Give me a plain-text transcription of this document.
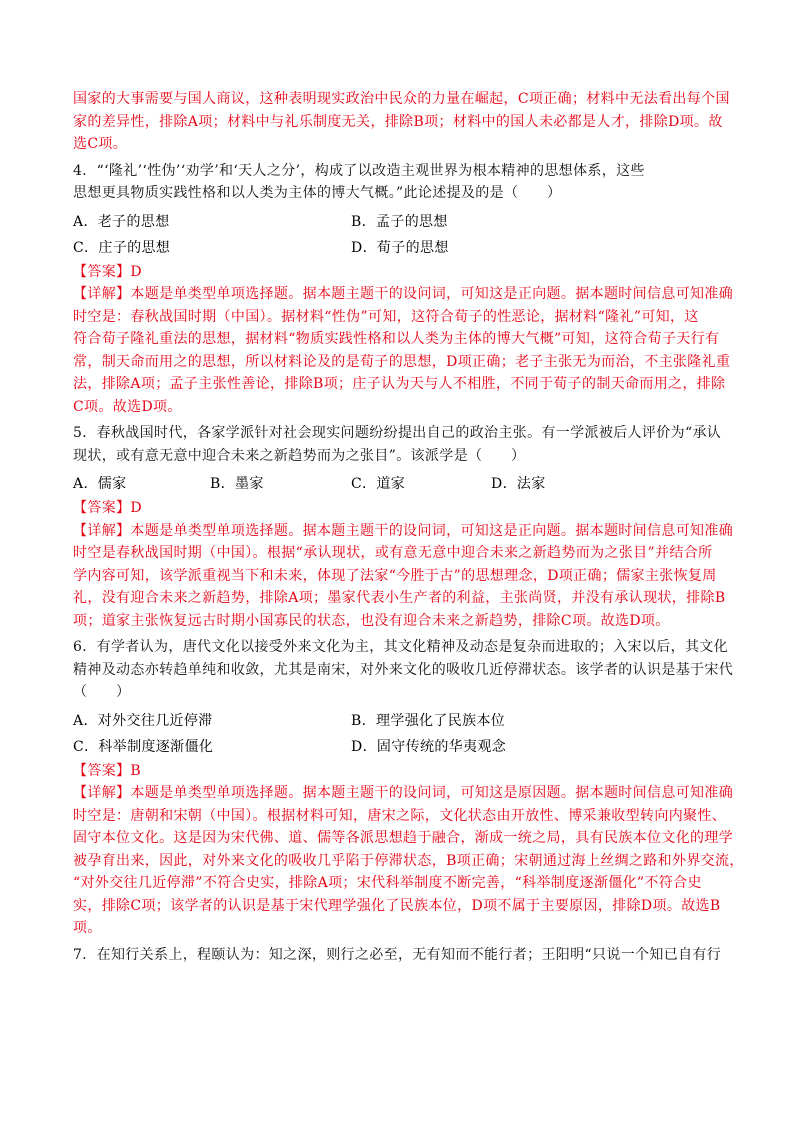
国家的大事需要与国人商议，这种表明现实政治中民众的力量在崛起，C项正确；材料中无法看出每个国
家的差异性，排除A项；材料中与礼乐制度无关，排除B项；材料中的国人未必都是人才，排除D项。故
选C项。
4．“‘隆礼’‘性伪’‘劝学’和‘天人之分’，构成了以改造主观世界为根本精神的思想体系，这些
思想更具物质实践性格和以人类为主体的博大气概。”此论述提及的是（　　）
A．老子的思想	B．孟子的思想
C．庄子的思想	D．荀子的思想
【答案】D
【详解】本题是单类型单项选择题。据本题主题干的设问词，可知这是正向题。据本题时间信息可知准确
时空是：春秋战国时期（中国）。据材料“性伪”可知，这符合荀子的性恶论，据材料“隆礼”可知，这
符合荀子隆礼重法的思想，据材料“物质实践性格和以人类为主体的博大气概”可知，这符合荀子天行有
常，制天命而用之的思想，所以材料论及的是荀子的思想，D项正确；老子主张无为而治，不主张隆礼重
法，排除A项；孟子主张性善论，排除B项；庄子认为天与人不相胜，不同于荀子的制天命而用之，排除
C项。故选D项。
5．春秋战国时代，各家学派针对社会现实问题纷纷提出自己的政治主张。有一学派被后人评价为“承认
现状，或有意无意中迎合未来之新趋势而为之张目”。该派学是（　　）
A．儒家	B．墨家	C．道家	D．法家
【答案】D
【详解】本题是单类型单项选择题。据本题主题干的设问词，可知这是正向题。据本题时间信息可知准确
时空是春秋战国时期（中国）。根据“承认现状，或有意无意中迎合未来之新趋势而为之张目”并结合所
学内容可知，该学派重视当下和未来，体现了法家“今胜于古”的思想理念，D项正确；儒家主张恢复周
礼，没有迎合未来之新趋势，排除A项；墨家代表小生产者的利益，主张尚贤，并没有承认现状，排除B
项；道家主张恢复远古时期小国寡民的状态，也没有迎合未来之新趋势，排除C项。故选D项。
6．有学者认为，唐代文化以接受外来文化为主，其文化精神及动态是复杂而进取的；入宋以后，其文化
精神及动态亦转趋单纯和收敛，尤其是南宋，对外来文化的吸收几近停滞状态。该学者的认识是基于宋代
（　　）
A．对外交往几近停滞	B．理学强化了民族本位
C．科举制度逐渐僵化	D．固守传统的华夷观念
【答案】B
【详解】本题是单类型单项选择题。据本题主题干的设问词，可知这是原因题。据本题时间信息可知准确
时空是：唐朝和宋朝（中国）。根据材料可知，唐宋之际，文化状态由开放性、博采兼收型转向内聚性、
固守本位文化。这是因为宋代佛、道、儒等各派思想趋于融合，渐成一统之局，具有民族本位文化的理学
被孕育出来，因此，对外来文化的吸收几乎陷于停滞状态，B项正确；宋朝通过海上丝绸之路和外界交流，
“对外交往几近停滞”不符合史实，排除A项；宋代科举制度不断完善，“科举制度逐渐僵化”不符合史
实，排除C项；该学者的认识是基于宋代理学强化了民族本位，D项不属于主要原因，排除D项。故选B
项。
7．在知行关系上，程颐认为：知之深，则行之必至，无有知而不能行者；王阳明“只说一个知已自有行
